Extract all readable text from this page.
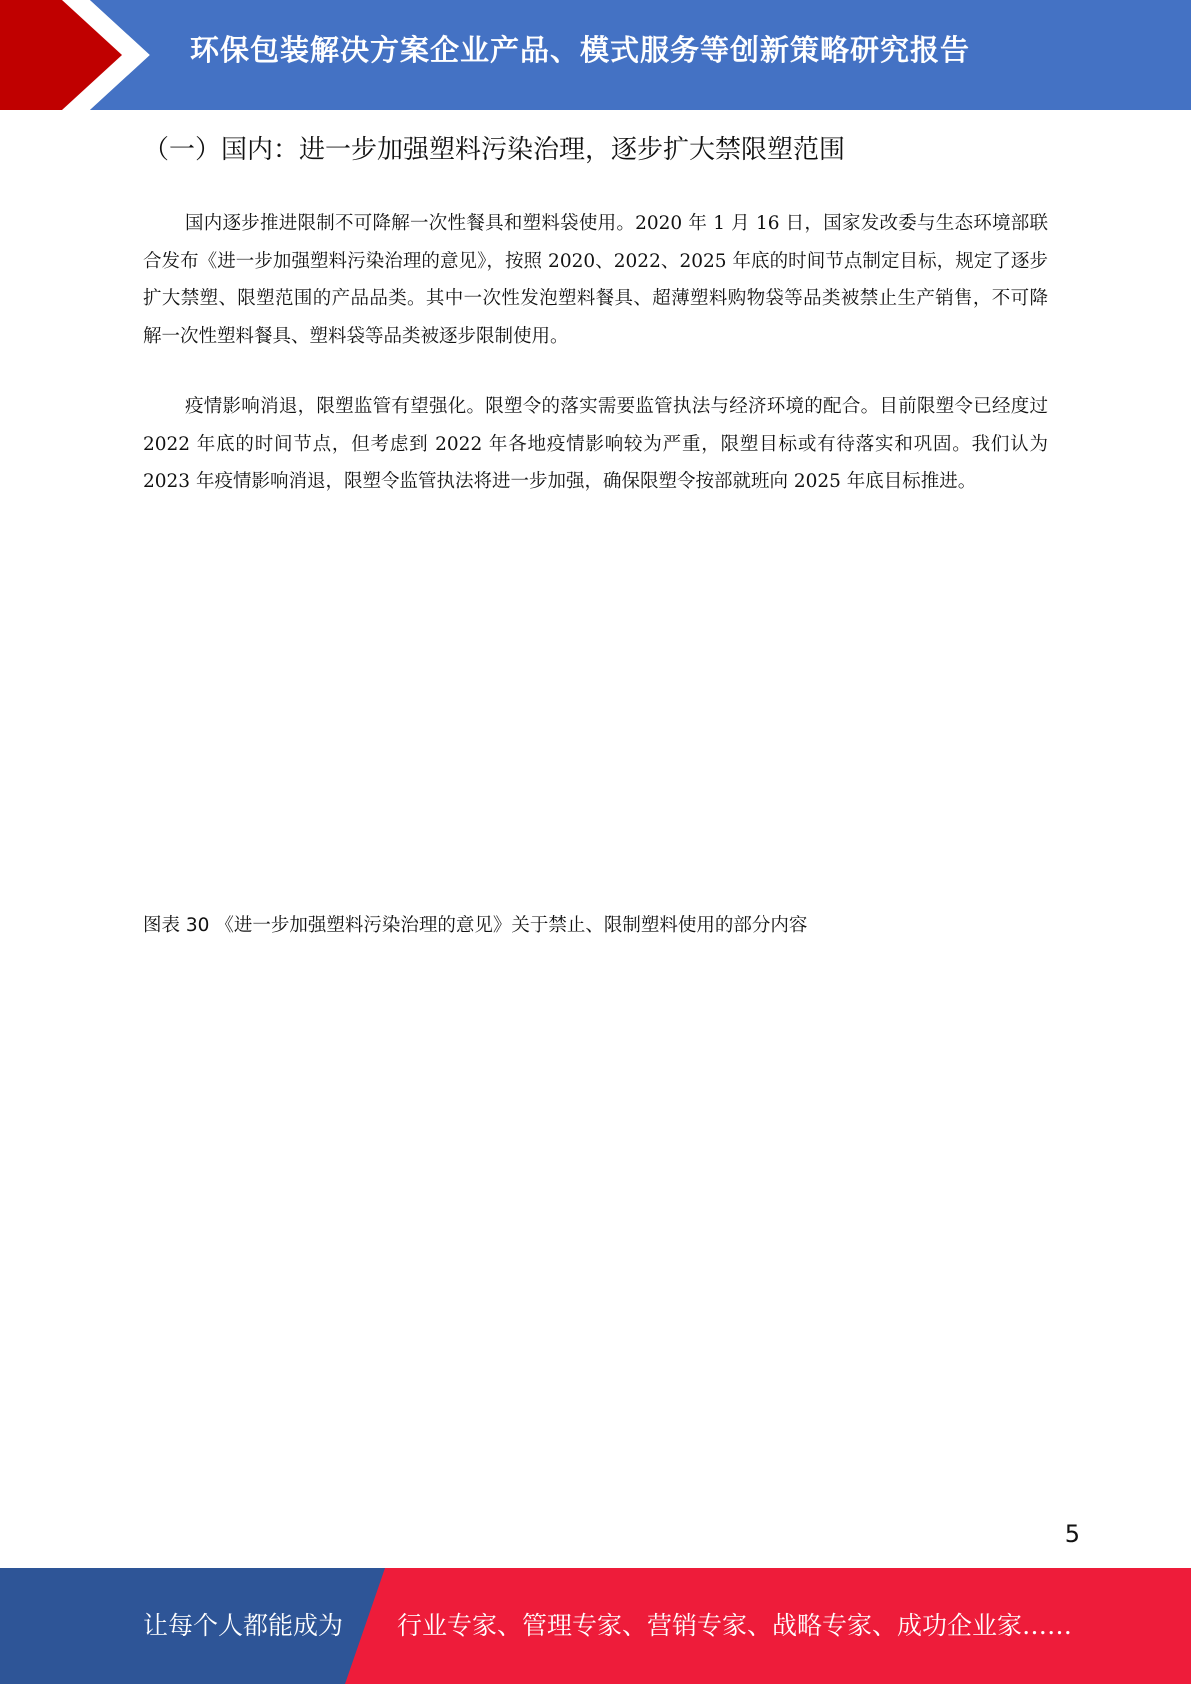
环保包装解决方案企业产品、模式服务等创新策略研究报告
（一）国内：进一步加强塑料污染治理，逐步扩大禁限塑范围

国内逐步推进限制不可降解一次性餐具和塑料袋使用。2020 年 1 月 16 日，国家发改委与生态环境部联合发布《进一步加强塑料污染治理的意见》，按照 2020、2022、2025 年底的时间节点制定目标，规定了逐步扩大禁塑、限塑范围的产品品类。其中一次性发泡塑料餐具、超薄塑料购物袋等品类被禁止生产销售，不可降解一次性塑料餐具、塑料袋等品类被逐步限制使用。

疫情影响消退，限塑监管有望强化。限塑令的落实需要监管执法与经济环境的配合。目前限塑令已经度过 2022 年底的时间节点，但考虑到 2022 年各地疫情影响较为严重，限塑目标或有待落实和巩固。我们认为 2023 年疫情影响消退，限塑令监管执法将进一步加强，确保限塑令按部就班向 2025 年底目标推进。

图表 30 《进一步加强塑料污染治理的意见》关于禁止、限制塑料使用的部分内容
5
让每个人都能成为 行业专家、管理专家、营销专家、战略专家、成功企业家……
